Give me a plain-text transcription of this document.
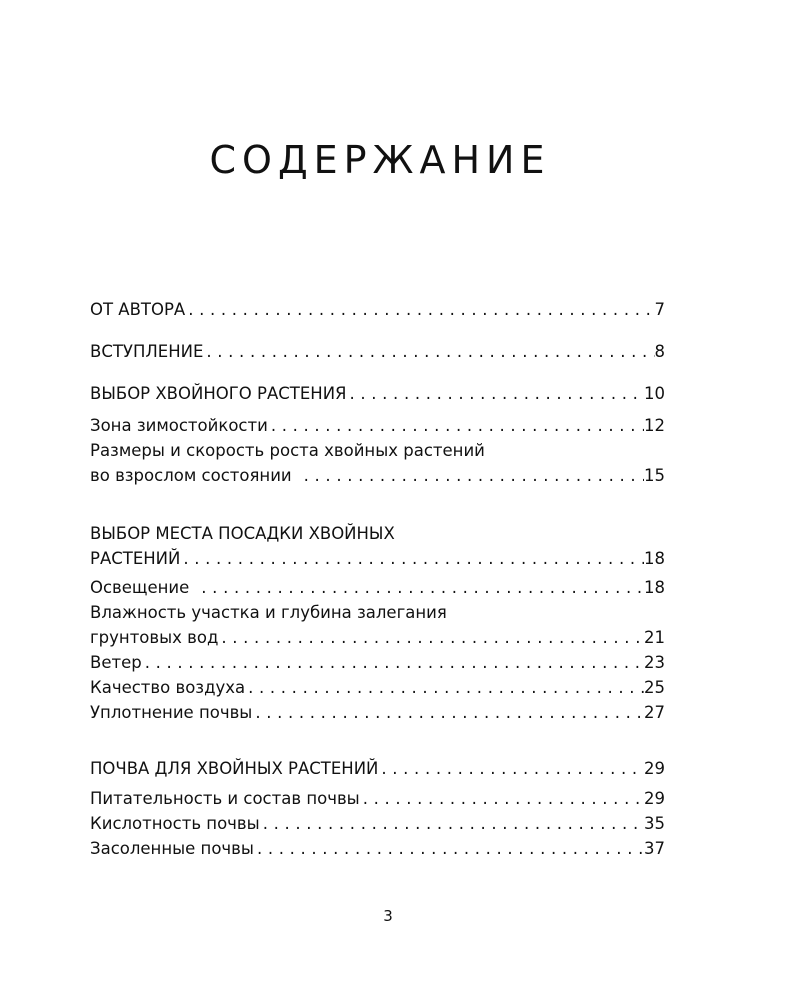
СОДЕРЖАНИЕ
ОТ АВТОРА . . .	7
ВСТУПЛЕНИЕ . . .	8
ВЫБОР ХВОЙНОГО РАСТЕНИЯ . . .	10
Зона зимостойкости . . .	12
Размеры и скорость роста хвойных растений
во взрослом состоянии . . .	15
ВЫБОР МЕСТА ПОСАДКИ ХВОЙНЫХ
РАСТЕНИЙ . . .	18
Освещение . . .	18
Влажность участка и глубина залегания
грунтовых вод . . .	21
Ветер . . .	23
Качество воздуха . . .	25
Уплотнение почвы . . .	27
ПОЧВА ДЛЯ ХВОЙНЫХ РАСТЕНИЙ . . .	29
Питательность и состав почвы . . .	29
Кислотность почвы . . .	35
Засоленные почвы . . .	37
3
